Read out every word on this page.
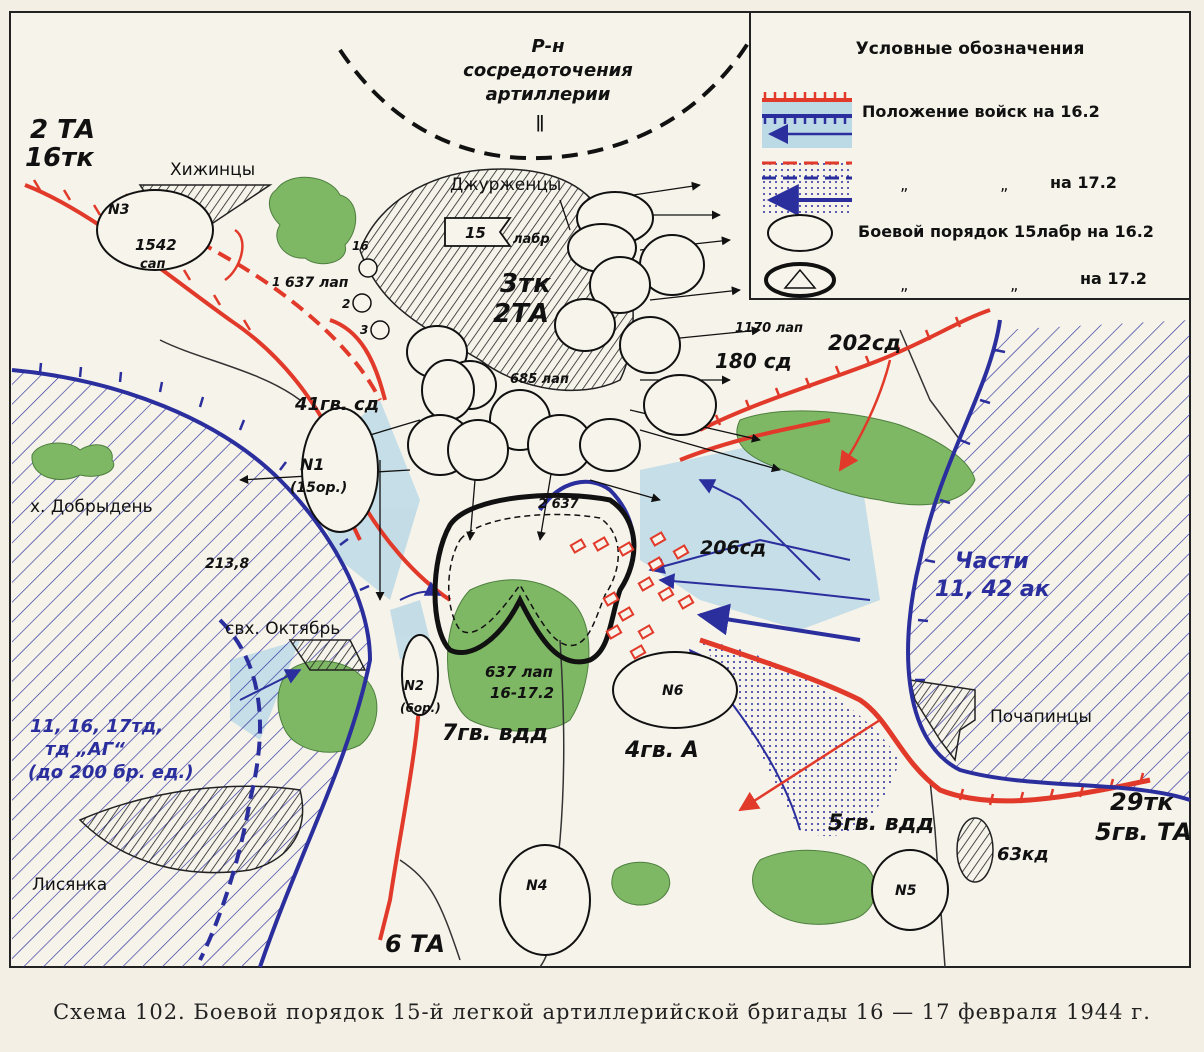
ǁ
Условные обозначения
Положение войск на 16.2
„	„	на 17.2
Боевой порядок 15лабр на 16.2
„	„	на 17.2
Р-н
сосредоточения
артиллерии
2 ТА
16тк	Хижинцы
Джурженцы
15 лабр
3тк
2ТА
637 лап
1170 лап
685 лап
180 сд
202сд
41гв. сд
N1
(15ор.)
N3
1542
сап
х. Добрыдень
213,8
свх. Октябрь
N2
(6ор.)
11, 16, 17тд,
тд „АГ“
(до 200 бр. ед.)
Лисянка
637 лап
16-17.2
7гв. вдд
N6
4гв. А
206сд
Части
11, 42 ак
Почапинцы
5гв. вдд
63кд
29тк
5гв. ТА
N4	N5
6 ТА
2 637
16
2
3
1
Схема 102. Боевой порядок 15-й легкой артиллерийской бригады 16 — 17 февраля 1944 г.
